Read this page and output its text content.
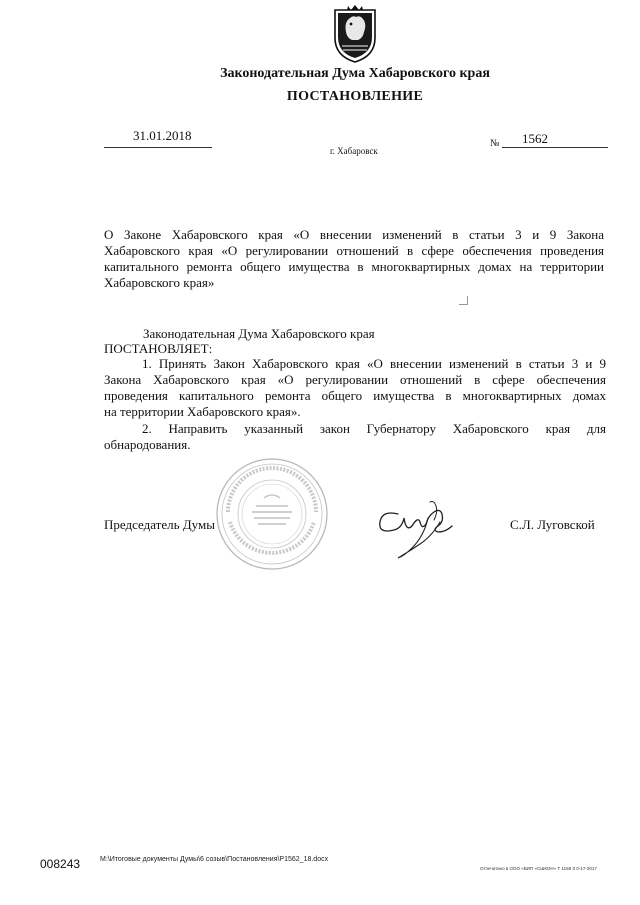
Законодательная Дума Хабаровского края
ПОСТАНОВЛЕНИЕ
31.01.2018
г. Хабаровск
№ 1562
О Законе Хабаровского края «О внесении изменений в статьи 3 и 9 Закона
Хабаровского края «О регулировании отношений в сфере обеспечения проведения
капитального ремонта общего имущества в многоквартирных домах на территории
Хабаровского края»
Законодательная Дума Хабаровского края
ПОСТАНОВЛЯЕТ:
1. Принять Закон Хабаровского края «О внесении изменений в статьи 3 и 9
Закона Хабаровского края «О регулировании отношений в сфере обеспечения
проведения капитального ремонта общего имущества в многоквартирных домах
на территории Хабаровского края».
2. Направить указанный закон Губернатору Хабаровского края для
обнародования.
Председатель Думы	С.Л. Луговской
008243	M:\Итоговые документы Думы\6 созыв\Постановления\P1562_18.docx
Отпечатано в ООО «ВИП «СШКОН» Т 1169 З 0-17-2017
